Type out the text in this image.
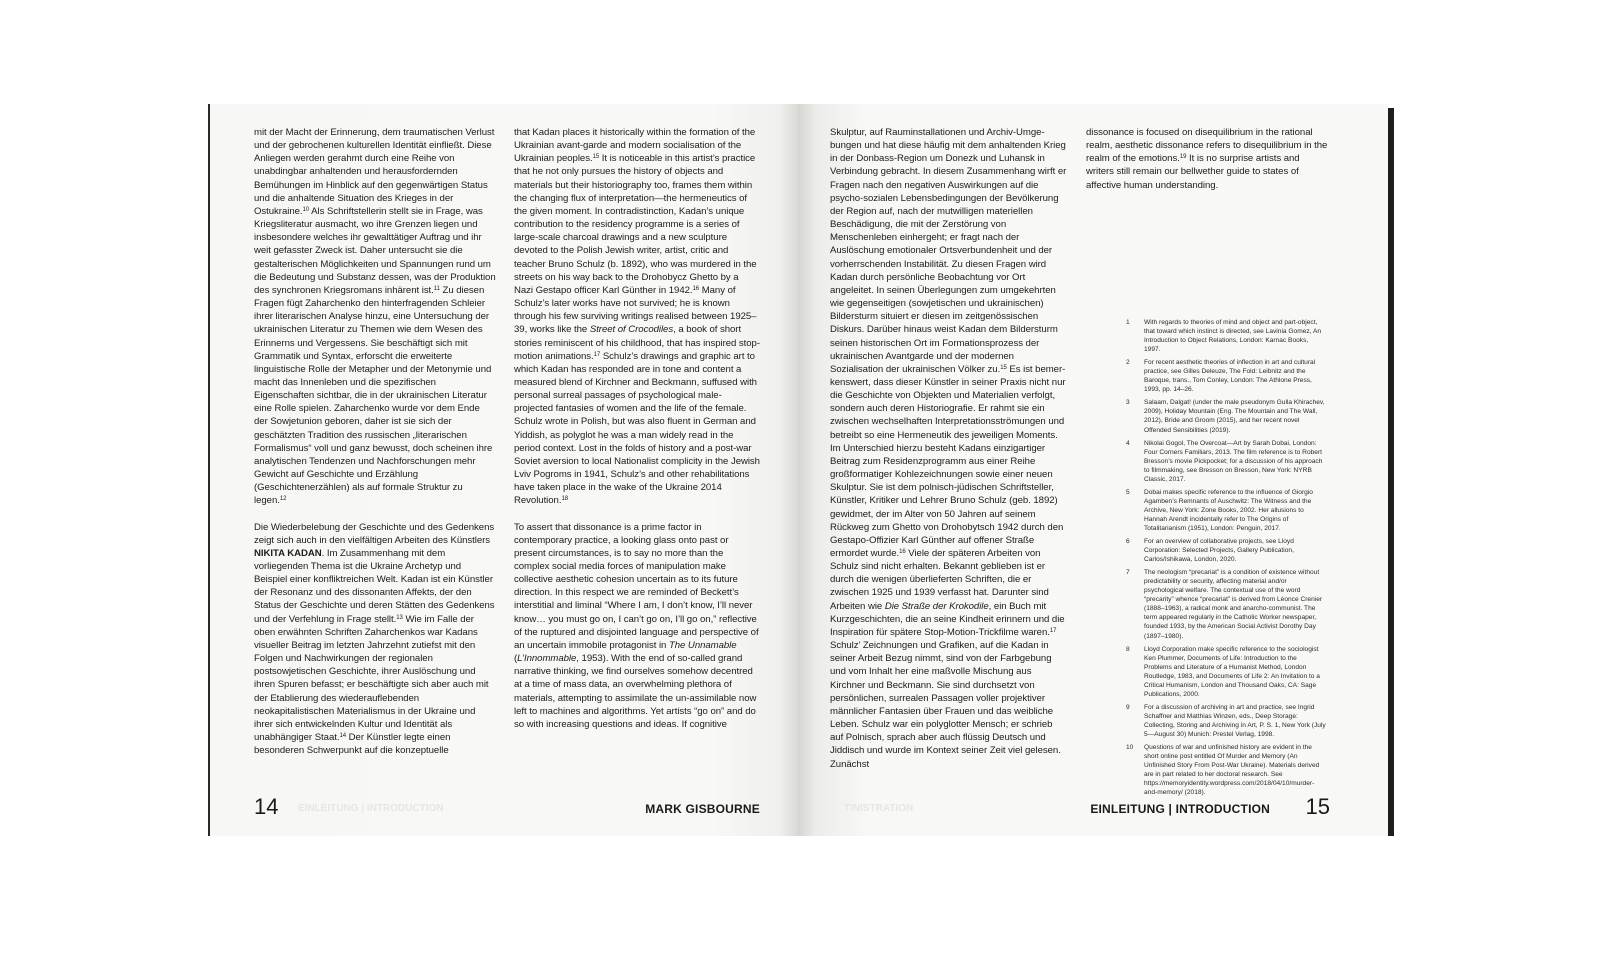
mit der Macht der Erinnerung, dem traumatischen Verlust und der gebrochenen kulturellen Identität einfließt. Diese Anliegen werden gerahmt durch eine Reihe von unabdingbar anhaltenden und herausfordernden Bemühungen im Hinblick auf den gegenwärtigen Status und die anhaltende Situation des Krieges in der Ostukraine.$^{10}$ Als Schriftstellerin stellt sie in Frage, was Kriegsliteratur ausmacht, wo ihre Grenzen liegen und insbesondere welches ihr gewalttätiger Auftrag und ihr weit gefasster Zweck ist. Daher untersucht sie die gestalterischen Möglichkeiten und Spannungen rund um die Bedeutung und Substanz dessen, was der Produktion des synchronen Kriegsromans inhärent ist.$^{11}$ Zu diesen Fragen fügt Zaharchenko den hinterfragenden Schleier ihrer literarischen Analyse hinzu, eine Untersuchung der ukrainischen Literatur zu Themen wie dem Wesen des Erinnerns und Vergessens. Sie beschäftigt sich mit Grammatik und Syntax, erforscht die erweiterte linguistische Rolle der Metapher und der Metonymie und macht das Innenleben und die spezifischen Eigenschaften sichtbar, die in der ukrainischen Literatur eine Rolle spielen. Zaharchenko wurde vor dem Ende der Sowjetunion geboren, daher ist sie sich der geschätzten Tradition des russischen „literarischen Formalismus“ voll und ganz bewusst, doch scheinen ihre analytischen Tendenzen und Nachforschungen mehr Gewicht auf Geschichte und Erzählung (Geschichtenerzählen) als auf formale Struktur zu legen.$^{12}$

Die Wiederbelebung der Geschichte und des Gedenkens zeigt sich auch in den vielfältigen Arbeiten des Künstlers NIKITA KADAN. Im Zusammenhang mit dem vorliegenden Thema ist die Ukraine Archetyp und Beispiel einer konfliktreichen Welt. Kadan ist ein Künstler der Resonanz und des dissonanten Affekts, der den Status der Geschichte und deren Stätten des Gedenkens und der Verfehlung in Frage stellt.$^{13}$ Wie im Falle der oben erwähnten Schriften Zaharchenkos war Kadans visueller Beitrag im letzten Jahrzehnt zutiefst mit den Folgen und Nachwirkungen der regionalen postsowjetischen Geschichte, ihrer Auslöschung und ihren Spuren befasst; er beschäftigte sich aber auch mit der Etablierung des wiederauflebenden neokapitalistischen Materialismus in der Ukraine und ihrer sich entwickelnden Kultur und Identität als unabhängiger Staat.$^{14}$ Der Künstler legte einen besonderen Schwerpunkt auf die konzeptuelle

that Kadan places it historically within the formation of the Ukrainian avant-garde and modern socialisation of the Ukrainian peoples.$^{15}$ It is noticeable in this artist’s practice that he not only pursues the history of objects and materials but their historiography too, frames them within the changing flux of interpretation—the hermeneutics of the given moment. In contradistinction, Kadan’s unique contribution to the residency programme is a series of large-scale charcoal drawings and a new sculpture devoted to the Polish Jewish writer, artist, critic and teacher Bruno Schulz (b. 1892), who was murdered in the streets on his way back to the Drohobycz Ghetto by a Nazi Gestapo officer Karl Günther in 1942.16 Many of Schulz’s later works have not survived; he is known through his few surviving writings realised between 1925–39, works like the Street of Crocodiles, a book of short stories reminiscent of his childhood, that has inspired stop-motion animations.$^{17}$ Schulz’s drawings and graphic art to which Kadan has responded are in tone and content a measured blend of Kirchner and Beckmann, suffused with personal surreal passages of psychological male-projected fantasies of women and the life of the female. Schulz wrote in Polish, but was also fluent in German and Yiddish, as polyglot he was a man widely read in the period context. Lost in the folds of history and a post-war Soviet aversion to local Nationalist complicity in the Jewish Lviv Pogroms in 1941, Schulz’s and other rehabilitations have taken place in the wake of the Ukraine 2014 Revolution.$^{18}$

To assert that dissonance is a prime factor in contemporary practice, a looking glass onto past or present circumstances, is to say no more than the complex social media forces of manipulation make collective aesthetic cohesion uncertain as to its future direction. In this respect we are reminded of Beckett’s interstitial and liminal “Where I am, I don’t know, I’ll never know… you must go on, I can’t go on, I’ll go on,” reflective of the ruptured and disjointed language and perspective of an uncertain immobile protagonist in The Unnamable (L’Innommable, 1953). With the end of so-called grand narrative thinking, we find ourselves somehow decentred at a time of mass data, an overwhelming plethora of materials, attempting to assimilate the un-assimilable now left to machines and algorithms. Yet artists “go on” and do so with increasing questions and ideas. If cognitive

EINLEITUNG | INTRODUCTION
14	MARK GISBOURNE

Skulptur, auf Rauminstallationen und Archiv-Umgebungen und hat diese häufig mit dem anhaltenden Krieg in der Donbass-Region um Donezk und Luhansk in Verbindung gebracht. In diesem Zusammenhang wirft er Fragen nach den negativen Auswirkungen auf die psycho-sozialen Lebensbedingungen der Bevölkerung der Region auf, nach der mutwilligen materiellen Beschädigung, die mit der Zerstörung von Menschenleben einhergeht; er fragt nach der Auslöschung emotionaler Ortsverbundenheit und der vorherrschenden Instabilität. Zu diesen Fragen wird Kadan durch persönliche Beobachtung vor Ort angeleitet. In seinen Überlegungen zum umgekehrten wie gegenseitigen (sowjetischen und ukrainischen) Bildersturm situiert er diesen im zeitgenössischen Diskurs. Darüber hinaus weist Kadan dem Bildersturm seinen historischen Ort im Formationsprozess der ukrainischen Avantgarde und der modernen Sozialisation der ukrainischen Völker zu.$^{15}$ Es ist bemerkenswert, dass dieser Künstler in seiner Praxis nicht nur die Geschichte von Objekten und Materialien verfolgt, sondern auch deren Historiografie. Er rahmt sie ein zwischen wechselhaften Interpretationsströmungen und betreibt so eine Hermeneutik des jeweiligen Moments. Im Unterschied hierzu besteht Kadans einzigartiger Beitrag zum Residenzprogramm aus einer Reihe großformatiger Kohlezeichnungen sowie einer neuen Skulptur. Sie ist dem polnisch-jüdischen Schriftsteller, Künstler, Kritiker und Lehrer Bruno Schulz (geb. 1892) gewidmet, der im Alter von 50 Jahren auf seinem Rückweg zum Ghetto von Drohobytsch 1942 durch den Gestapo-Offizier Karl Günther auf offener Straße ermordet wurde.$^{16}$ Viele der späteren Arbeiten von Schulz sind nicht erhalten. Bekannt geblieben ist er durch die wenigen überlieferten Schriften, die er zwischen 1925 und 1939 verfasst hat. Darunter sind Arbeiten wie Die Straße der Krokodile, ein Buch mit Kurzgeschichten, die an seine Kindheit erinnern und die Inspiration für spätere Stop-Motion-Trickfilme waren.$^{17}$ Schulz’ Zeichnungen und Grafiken, auf die Kadan in seiner Arbeit Bezug nimmt, sind von der Farbgebung und vom Inhalt her eine maßvolle Mischung aus Kirchner und Beckmann. Sie sind durchsetzt von persönlichen, surrealen Passagen voller projektiver männlicher Fantasien über Frauen und das weibliche Leben. Schulz war ein polyglotter Mensch; er schrieb auf Polnisch, sprach aber auch flüssig Deutsch und Jiddisch und wurde im Kontext seiner Zeit viel gelesen. Zunächst

dissonance is focused on disequilibrium in the rational realm, aesthetic dissonance refers to disequilibrium in the realm of the emotions.$^{19}$ It is no surprise artists and writers still remain our bellwether guide to states of affective human understanding.

1	With regards to theories of mind and object and part-object, that toward which instinct is directed, see Lavinia Gomez, An Introduction to Object Relations, London: Karnac Books, 1997.
2	For recent aesthetic theories of inflection in art and cultural practice, see Gilles Deleuze, The Fold: Leibnitz and the Baroque, trans., Tom Conley, London: The Athlone Press, 1993, pp. 14–26.
3	Salaam, Dalgat! (under the male pseudonym Gulla Khirachev, 2009), Holiday Mountain (Eng. The Mountain and The Wall, 2012), Bride and Groom (2015), and her recent novel Offended Sensibilities (2019).
4	Nikolai Gogol, The Overcoat—Art by Sarah Dobai, London: Four Corners Familiars, 2013. The film reference is to Robert Bresson’s movie Pickpocket; for a discussion of his approach to filmmaking, see Bresson on Bresson, New York: NYRB Classic, 2017.
5	Dobai makes specific reference to the influence of Giorgio Agamben’s Remnants of Auschwitz: The Witness and the Archive, New York: Zone Books, 2002. Her allusions to Hannah Arendt incidentally refer to The Origins of Totalitarianism (1951), London: Penguin, 2017.
6	For an overview of collaborative projects, see Lloyd Corporation: Selected Projects, Gallery Publication, Carlos/Ishikawa, London, 2020.
7	The neologism “precariat” is a condition of existence without predictability or security, affecting material and/or psychological welfare. The contextual use of the word “precarity” whence “precariat” is derived from Léonce Crenier (1888–1963), a radical monk and anarcho-communist. The term appeared regularly in the Catholic Worker newspaper, founded 1933, by the American Social Activist Dorothy Day (1897–1980).
8	Lloyd Corporation make specific reference to the sociologist Ken Plummer, Documents of Life: Introduction to the Problems and Literature of a Humanist Method, London Routledge, 1983, and Documents of Life 2: An Invitation to a Critical Humanism, London and Thousand Oaks, CA: Sage Publications, 2000.
9	For a discussion of archiving in art and practice, see Ingrid Schaffner and Matthias Winzen, eds., Deep Storage: Collecting, Storing and Archiving in Art, P. S. 1, New York (July 5—August 30) Munich: Prestel Verlag, 1998.
10	Questions of war and unfinished history are evident in the short online post entitled Of Murder and Memory (An Unfinished Story From Post-War Ukraine). Materials derived are in part related to her doctoral research. See https://memoryidentity.wordpress.com/2018/04/10/murder-and-memory/ (2018).
TINISTRATION	EINLEITUNG | INTRODUCTION 15
